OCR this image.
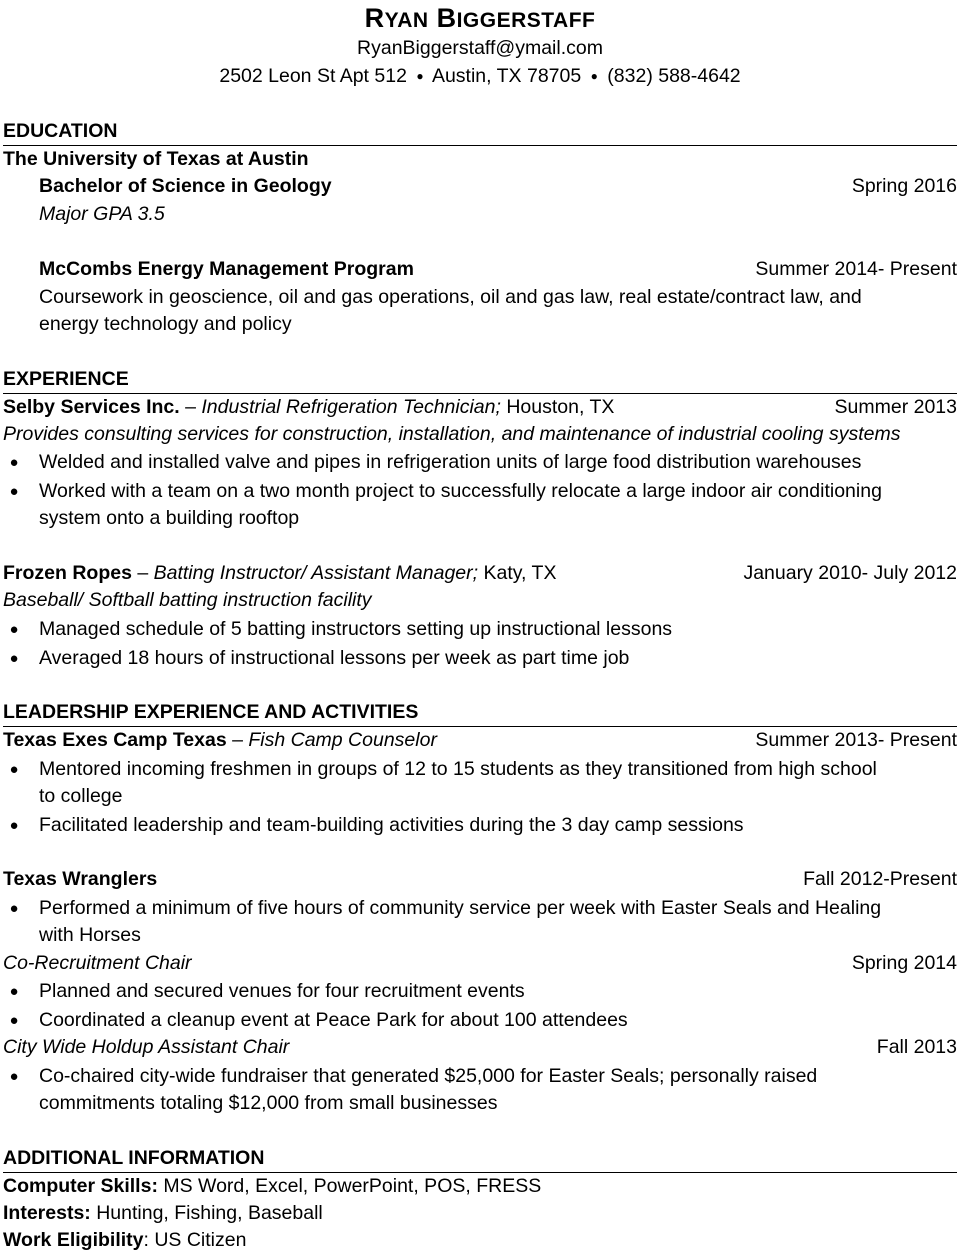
RYAN BIGGERSTAFF
RyanBiggerstaff@ymail.com
2502 Leon St Apt 512 ● Austin, TX 78705 ● (832) 588-4642
EDUCATION
The University of Texas at Austin
Bachelor of Science in Geology	Spring 2016
Major GPA 3.5
McCombs Energy Management Program	Summer 2014- Present
Coursework in geoscience, oil and gas operations, oil and gas law, real estate/contract law, and
energy technology and policy
EXPERIENCE
Selby Services Inc. – Industrial Refrigeration Technician; Houston, TX	Summer 2013
Provides consulting services for construction, installation, and maintenance of industrial cooling systems
● Welded and installed valve and pipes in refrigeration units of large food distribution warehouses
● Worked with a team on a two month project to successfully relocate a large indoor air conditioning
system onto a building rooftop
Frozen Ropes – Batting Instructor/ Assistant Manager; Katy, TX	January 2010- July 2012
Baseball/ Softball batting instruction facility
● Managed schedule of 5 batting instructors setting up instructional lessons
● Averaged 18 hours of instructional lessons per week as part time job
LEADERSHIP EXPERIENCE AND ACTIVITIES
Texas Exes Camp Texas – Fish Camp Counselor	Summer 2013- Present
● Mentored incoming freshmen in groups of 12 to 15 students as they transitioned from high school
to college
● Facilitated leadership and team-building activities during the 3 day camp sessions
Texas Wranglers	Fall 2012-Present
● Performed a minimum of five hours of community service per week with Easter Seals and Healing
with Horses
Co-Recruitment Chair	Spring 2014
● Planned and secured venues for four recruitment events
● Coordinated a cleanup event at Peace Park for about 100 attendees
City Wide Holdup Assistant Chair	Fall 2013
● Co-chaired city-wide fundraiser that generated $25,000 for Easter Seals; personally raised
commitments totaling $12,000 from small businesses
ADDITIONAL INFORMATION
Computer Skills: MS Word, Excel, PowerPoint, POS, FRESS
Interests: Hunting, Fishing, Baseball
Work Eligibility: US Citizen
